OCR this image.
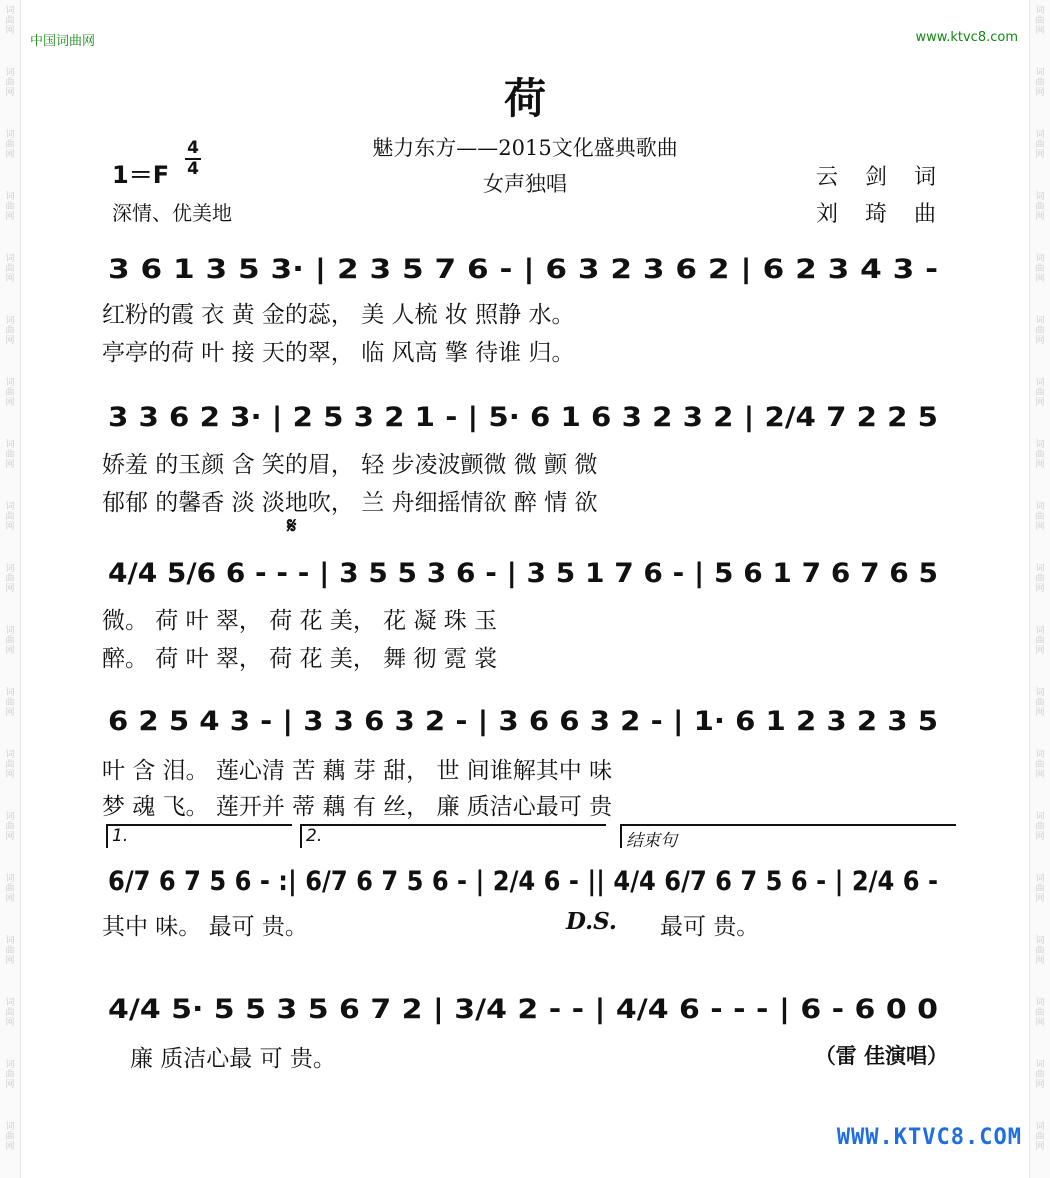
词
曲
网
词
曲
网
词
曲
网
词
曲
网
词
曲
网
词
曲
网
词
曲
网
词
曲
网
词
曲
网
词
曲
网
词
曲
网
词
曲
网
词
曲
网
词
曲
网
词
曲
网
词
曲
网
词
曲
网
词
曲
网
词
曲
网
词
曲
网
词
曲
网
词
曲
网
词
曲
网
词
曲
网
词
曲
网
词
曲
网
词
曲
网
词
曲
网
词
曲
网
词
曲
网
词
曲
网
词
曲
网
词
曲
网
词
曲
网
词
曲
网
词
曲
网
词
曲
网
词
曲
网
中国词曲网	www.ktvc8.com
荷
魅力东方——2015文化盛典歌曲
女声独唱
1＝F
4
4
深情、优美地
云 剑 词
刘 琦 曲
3 6 1 3 5 3· | 2 3 5 7 6 - | 6 3 2 3 6 2 | 6 2 3 4 3 -
红粉的霞 衣 黄 金的蕊， 美 人梳 妆 照静 水。
亭亭的荷 叶 接 天的翠， 临 风高 擎 待谁 归。
3 3 6 2 3· | 2 5 3 2 1 - | 5· 6 1 6 3 2 3 2 | 2/4 7 2 2 5
娇羞 的玉颜 含 笑的眉， 轻 步凌波颤微 微 颤 微
郁郁 的馨香 淡 淡地吹， 兰 舟细摇情欲 醉 情 欲
𝄋
4/4 5/6 6 - - - | 3 5 5 3 6 - | 3 5 1 7 6 - | 5 6 1 7 6 7 6 5
微。 荷 叶 翠， 荷 花 美， 花 凝 珠 玉
醉。 荷 叶 翠， 荷 花 美， 舞 彻 霓 裳
6 2 5 4 3 - | 3 3 6 3 2 - | 3 6 6 3 2 - | 1· 6 1 2 3 2 3 5
叶 含 泪。 莲心清 苦 藕 芽 甜， 世 间谁解其中 味
梦 魂 飞。 莲开并 蒂 藕 有 丝， 廉 质洁心最可 贵
1.	2.	结束句
6/7 6 7 5 6 - :| 6/7 6 7 5 6 - | 2/4 6 - || 4/4 6/7 6 7 5 6 - | 2/4 6 -
其中 味。 最可 贵。	D.S.	最可 贵。
4/4 5· 5 5 3 5 6 7 2 | 3/4 2 - - | 4/4 6 - - - | 6 - 6 0 0
廉 质洁心最 可 贵。	（雷 佳演唱）
WWW.KTVC8.COM
